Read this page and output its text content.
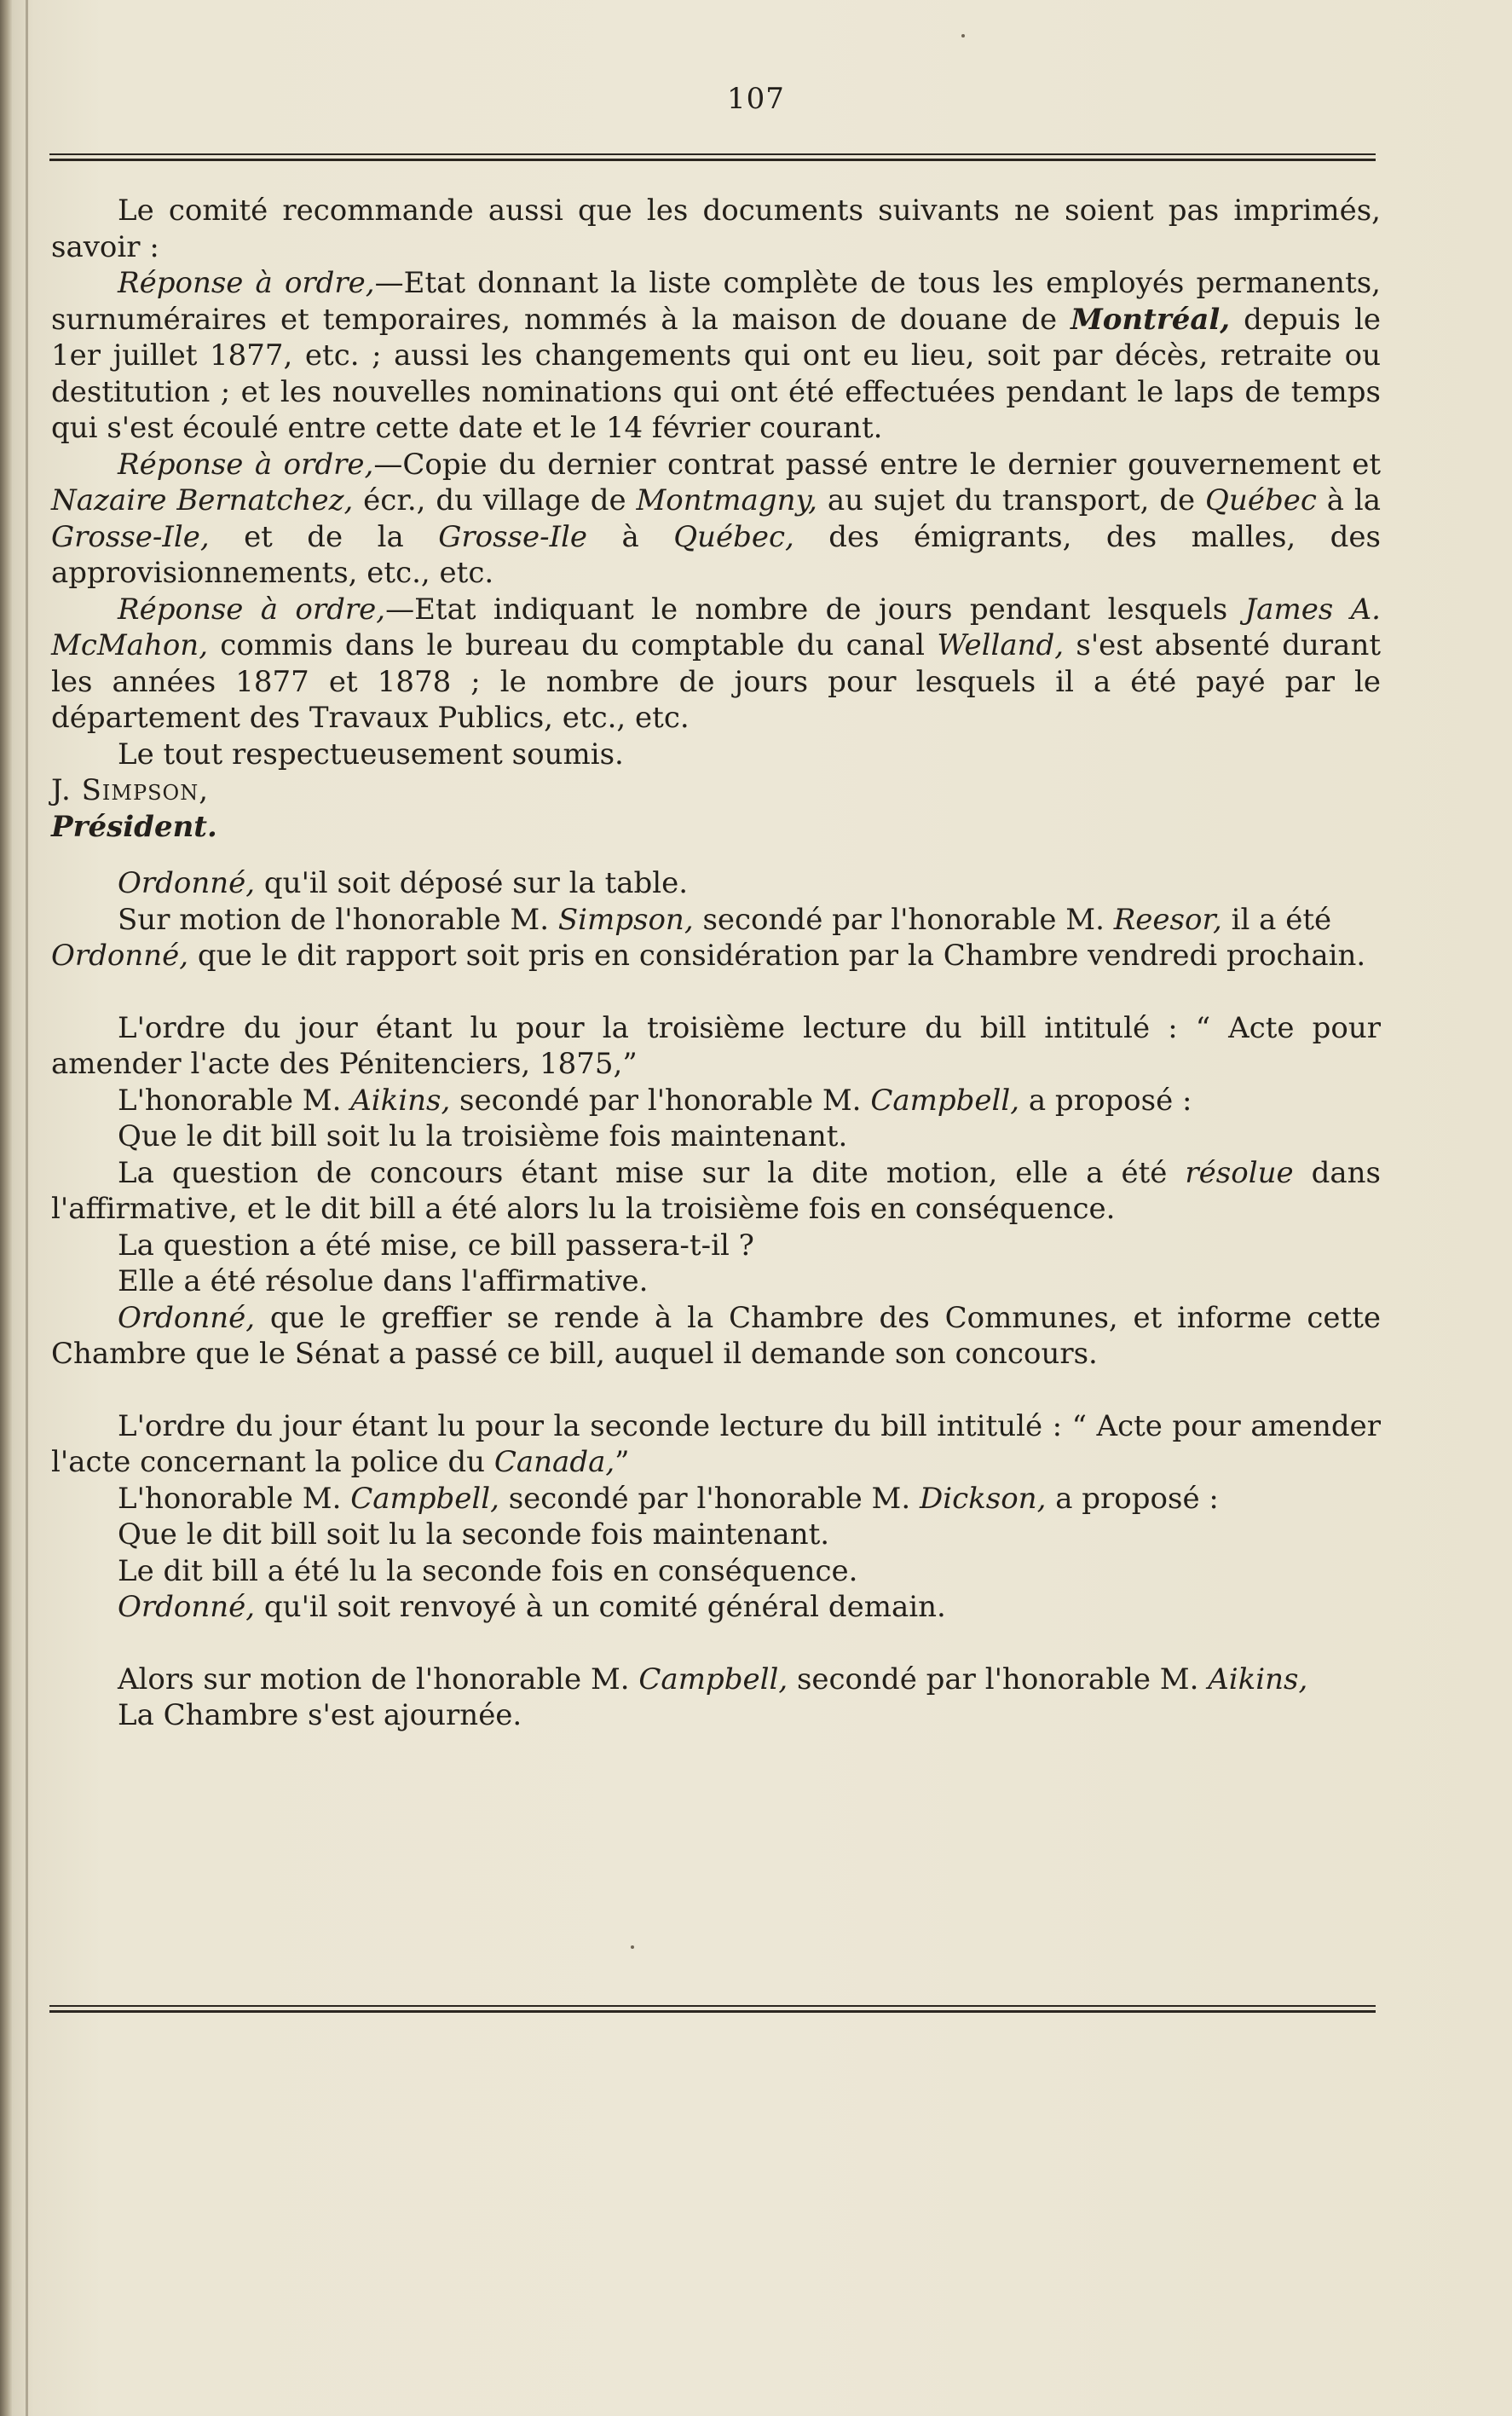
107

Le comité recommande aussi que les documents suivants ne soient pas imprimés, savoir :

Réponse à ordre,—Etat donnant la liste complète de tous les employés permanents, surnuméraires et temporaires, nommés à la maison de douane de Montréal, depuis le 1er juillet 1877, etc. ; aussi les changements qui ont eu lieu, soit par décès, retraite ou destitution ; et les nouvelles nominations qui ont été effectuées pendant le laps de temps qui s'est écoulé entre cette date et le 14 février courant.

Réponse à ordre,—Copie du dernier contrat passé entre le dernier gouvernement et Nazaire Bernatchez, écr., du village de Montmagny, au sujet du transport, de Québec à la Grosse-Ile, et de la Grosse-Ile à Québec, des émigrants, des malles, des approvisionnements, etc., etc.

Réponse à ordre,—Etat indiquant le nombre de jours pendant lesquels James A. McMahon, commis dans le bureau du comptable du canal Welland, s'est absenté durant les années 1877 et 1878 ; le nombre de jours pour lesquels il a été payé par le département des Travaux Publics, etc., etc.

Le tout respectueusement soumis.

J. Simpson,

Président.

Ordonné, qu'il soit déposé sur la table.

Sur motion de l'honorable M. Simpson, secondé par l'honorable M. Reesor, il a été
Ordonné, que le dit rapport soit pris en considération par la Chambre vendredi prochain.

L'ordre du jour étant lu pour la troisième lecture du bill intitulé : “ Acte pour amender l'acte des Pénitenciers, 1875,”

L'honorable M. Aikins, secondé par l'honorable M. Campbell, a proposé :

Que le dit bill soit lu la troisième fois maintenant.

La question de concours étant mise sur la dite motion, elle a été résolue dans l'affirmative, et le dit bill a été alors lu la troisième fois en conséquence.

La question a été mise, ce bill passera-t-il ?

Elle a été résolue dans l'affirmative.

Ordonné, que le greffier se rende à la Chambre des Communes, et informe cette Chambre que le Sénat a passé ce bill, auquel il demande son concours.

L'ordre du jour étant lu pour la seconde lecture du bill intitulé : “ Acte pour amender l'acte concernant la police du Canada,”

L'honorable M. Campbell, secondé par l'honorable M. Dickson, a proposé :

Que le dit bill soit lu la seconde fois maintenant.

Le dit bill a été lu la seconde fois en conséquence.

Ordonné, qu'il soit renvoyé à un comité général demain.

Alors sur motion de l'honorable M. Campbell, secondé par l'honorable M. Aikins,

La Chambre s'est ajournée.
